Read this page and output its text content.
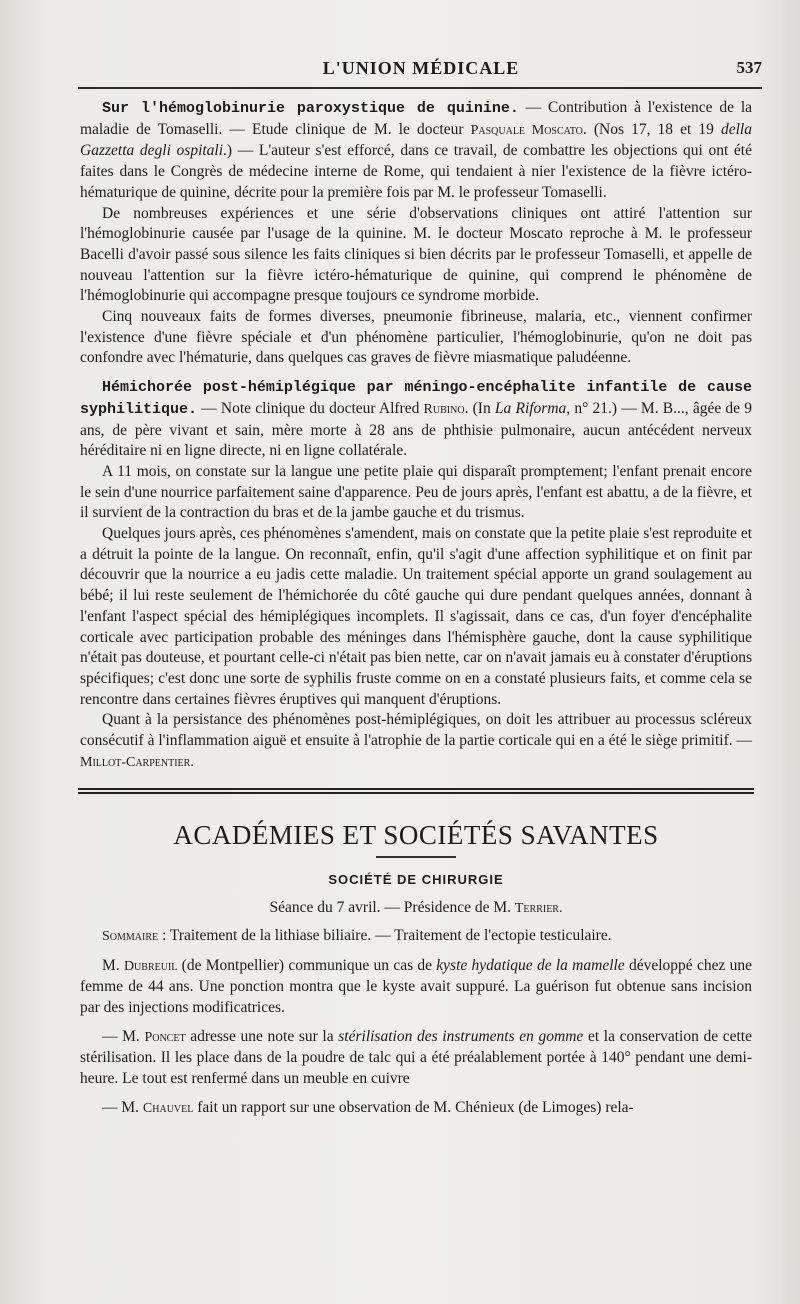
L'UNION MÉDICALE	537

Sur l'hémoglobinurie paroxystique de quinine. — Contribution à l'existence de la maladie de Tomaselli. — Etude clinique de M. le docteur Pasquale Moscato. (Nos 17, 18 et 19 della Gazzetta degli ospitali.) — L'auteur s'est efforcé, dans ce travail, de combattre les objections qui ont été faites dans le Congrès de médecine interne de Rome, qui tendaient à nier l'existence de la fièvre ictéro-hématurique de quinine, décrite pour la première fois par M. le professeur Tomaselli.

De nombreuses expériences et une série d'observations cliniques ont attiré l'attention sur l'hémoglobinurie causée par l'usage de la quinine. M. le docteur Moscato reproche à M. le professeur Bacelli d'avoir passé sous silence les faits cliniques si bien décrits par le professeur Tomaselli, et appelle de nouveau l'attention sur la fièvre ictéro-hématurique de quinine, qui comprend le phénomène de l'hémoglobinurie qui accompagne presque toujours ce syndrome morbide.

Cinq nouveaux faits de formes diverses, pneumonie fibrineuse, malaria, etc., viennent confirmer l'existence d'une fièvre spéciale et d'un phénomène particulier, l'hémoglobinurie, qu'on ne doit pas confondre avec l'hématurie, dans quelques cas graves de fièvre miasmatique paludéenne.

Hémichorée post-hémiplégique par méningo-encéphalite infantile de cause syphilitique. — Note clinique du docteur Alfred Rubino. (In La Riforma, n° 21.) — M. B..., âgée de 9 ans, de père vivant et sain, mère morte à 28 ans de phthisie pulmonaire, aucun antécédent nerveux héréditaire ni en ligne directe, ni en ligne collatérale.

A 11 mois, on constate sur la langue une petite plaie qui disparaît promptement; l'enfant prenait encore le sein d'une nourrice parfaitement saine d'apparence. Peu de jours après, l'enfant est abattu, a de la fièvre, et il survient de la contraction du bras et de la jambe gauche et du trismus.

Quelques jours après, ces phénomènes s'amendent, mais on constate que la petite plaie s'est reproduite et a détruit la pointe de la langue. On reconnaît, enfin, qu'il s'agit d'une affection syphilitique et on finit par découvrir que la nourrice a eu jadis cette maladie. Un traitement spécial apporte un grand soulagement au bébé; il lui reste seulement de l'hémichorée du côté gauche qui dure pendant quelques années, donnant à l'enfant l'aspect spécial des hémiplégiques incomplets. Il s'agissait, dans ce cas, d'un foyer d'encéphalite corticale avec participation probable des méninges dans l'hémisphère gauche, dont la cause syphilitique n'était pas douteuse, et pourtant celle-ci n'était pas bien nette, car on n'avait jamais eu à constater d'éruptions spécifiques; c'est donc une sorte de syphilis fruste comme on en a constaté plusieurs faits, et comme cela se rencontre dans certaines fièvres éruptives qui manquent d'éruptions.

Quant à la persistance des phénomènes post-hémiplégiques, on doit les attribuer au processus scléreux consécutif à l'inflammation aiguë et ensuite à l'atrophie de la partie corticale qui en a été le siège primitif. — Millot-Carpentier.

ACADÉMIES ET SOCIÉTÉS SAVANTES
SOCIÉTÉ DE CHIRURGIE
Séance du 7 avril. — Présidence de M. Terrier.

Sommaire : Traitement de la lithiase biliaire. — Traitement de l'ectopie testiculaire.

M. Dubreuil (de Montpellier) communique un cas de kyste hydatique de la mamelle développé chez une femme de 44 ans. Une ponction montra que le kyste avait suppuré. La guérison fut obtenue sans incision par des injections modificatrices.

— M. Poncet adresse une note sur la stérilisation des instruments en gomme et la conservation de cette stérilisation. Il les place dans de la poudre de talc qui a été préalablement portée à 140° pendant une demi-heure. Le tout est renfermé dans un meuble en cuivre

— M. Chauvel fait un rapport sur une observation de M. Chénieux (de Limoges) rela-
